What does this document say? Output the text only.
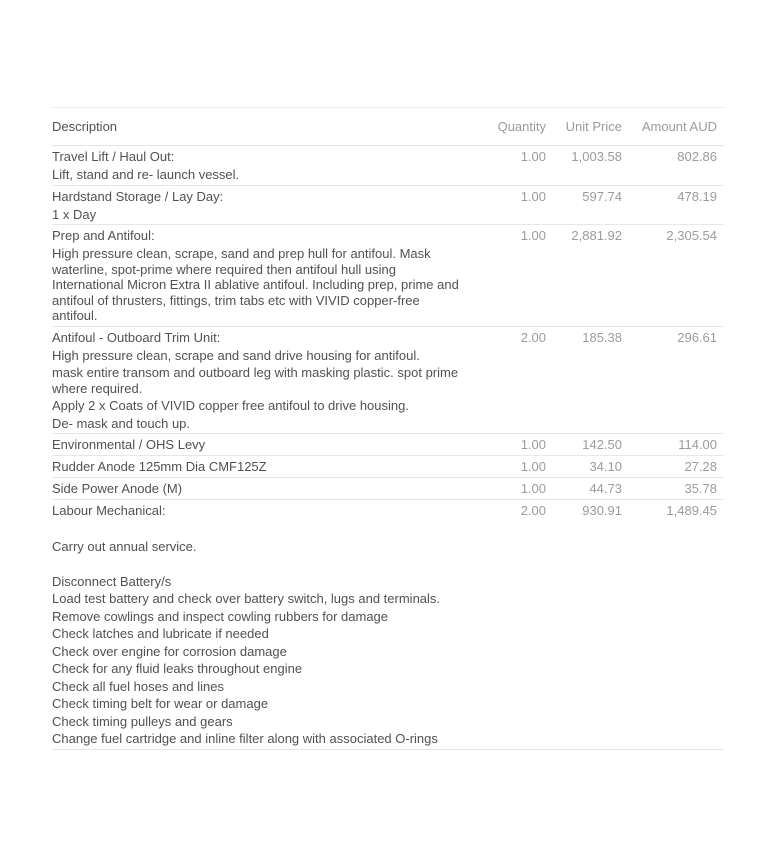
Description	Quantity	Unit Price	Amount AUD
Travel Lift / Haul Out:
Lift, stand and re- launch vessel.
1.00	1,003.58	802.86
Hardstand Storage / Lay Day:
1 x Day
1.00	597.74	478.19
Prep and Antifoul:
High pressure clean, scrape, sand and prep hull for antifoul. Mask waterline, spot-prime where required then antifoul hull using International Micron Extra II ablative antifoul. Including prep, prime and antifoul of thrusters, fittings, trim tabs etc with VIVID copper-free antifoul.
1.00	2,881.92	2,305.54
Antifoul - Outboard Trim Unit:
High pressure clean, scrape and sand drive housing for antifoul.
mask entire transom and outboard leg with masking plastic. spot prime where required.
Apply 2 x Coats of VIVID copper free antifoul to drive housing.
De- mask and touch up.
2.00	185.38	296.61
Environmental / OHS Levy	1.00	142.50	114.00
Rudder Anode 125mm Dia CMF125Z	1.00	34.10	27.28
Side Power Anode (M)	1.00	44.73	35.78
Labour Mechanical:

Carry out annual service.

Disconnect Battery/s
Load test battery and check over battery switch, lugs and terminals.
Remove cowlings and inspect cowling rubbers for damage
Check latches and lubricate if needed
Check over engine for corrosion damage
Check for any fluid leaks throughout engine
Check all fuel hoses and lines
Check timing belt for wear or damage
Check timing pulleys and gears
Change fuel cartridge and inline filter along with associated O-rings
2.00	930.91	1,489.45
